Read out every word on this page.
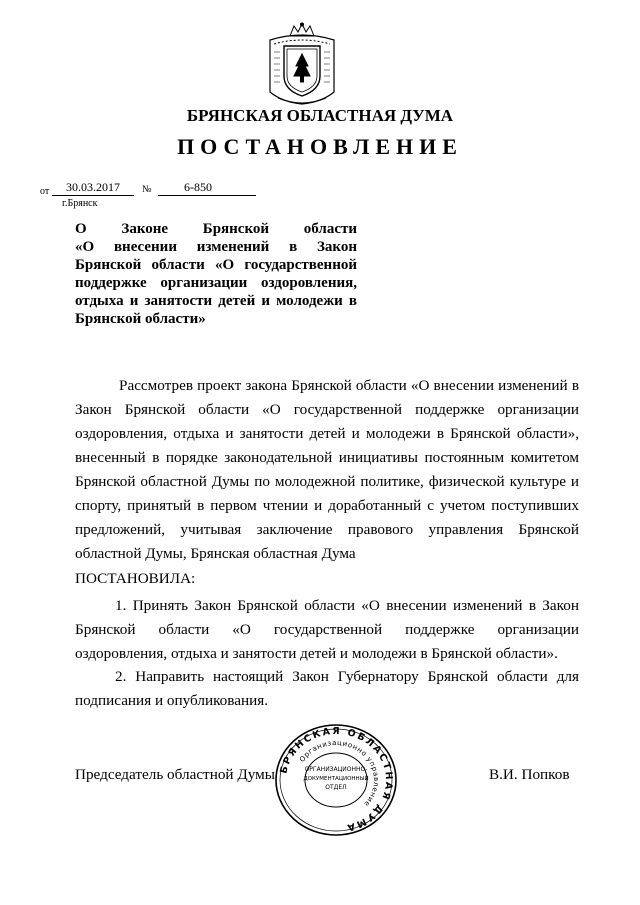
БРЯНСКАЯ ОБЛАСТНАЯ ДУМА
ПОСТАНОВЛЕНИЕ
от	30.03.2017	№	6-850
г.Брянск
О Законе Брянской области
«О внесении изменений в Закон
Брянской области «О государственной
поддержке организации оздоровления,
отдыха и занятости детей и молодежи в
Брянской области»
Рассмотрев проект закона Брянской области «О внесении изменений в
Закон Брянской области «О государственной поддержке организации
оздоровления, отдыха и занятости детей и молодежи в Брянской области»,
внесенный в порядке законодательной инициативы постоянным комитетом
Брянской областной Думы по молодежной политике, физической культуре и
спорту, принятый в первом чтении и доработанный с учетом поступивших
предложений, учитывая заключение правового управления Брянской
областной Думы, Брянская областная Дума
ПОСТАНОВИЛА:
1. Принять Закон Брянской области «О внесении изменений в Закон
Брянской области «О государственной поддержке организации
оздоровления, отдыха и занятости детей и молодежи в Брянской области».
2. Направить настоящий Закон Губернатору Брянской области для
подписания и опубликования.
Председатель областной Думы	В.И. Попков
БРЯНСКАЯ ОБЛАСТНАЯ ДУМА
Организационно управление
ОРГАНИЗАЦИОННО-
ДОКУМЕНТАЦИОННЫЙ
ОТДЕЛ
